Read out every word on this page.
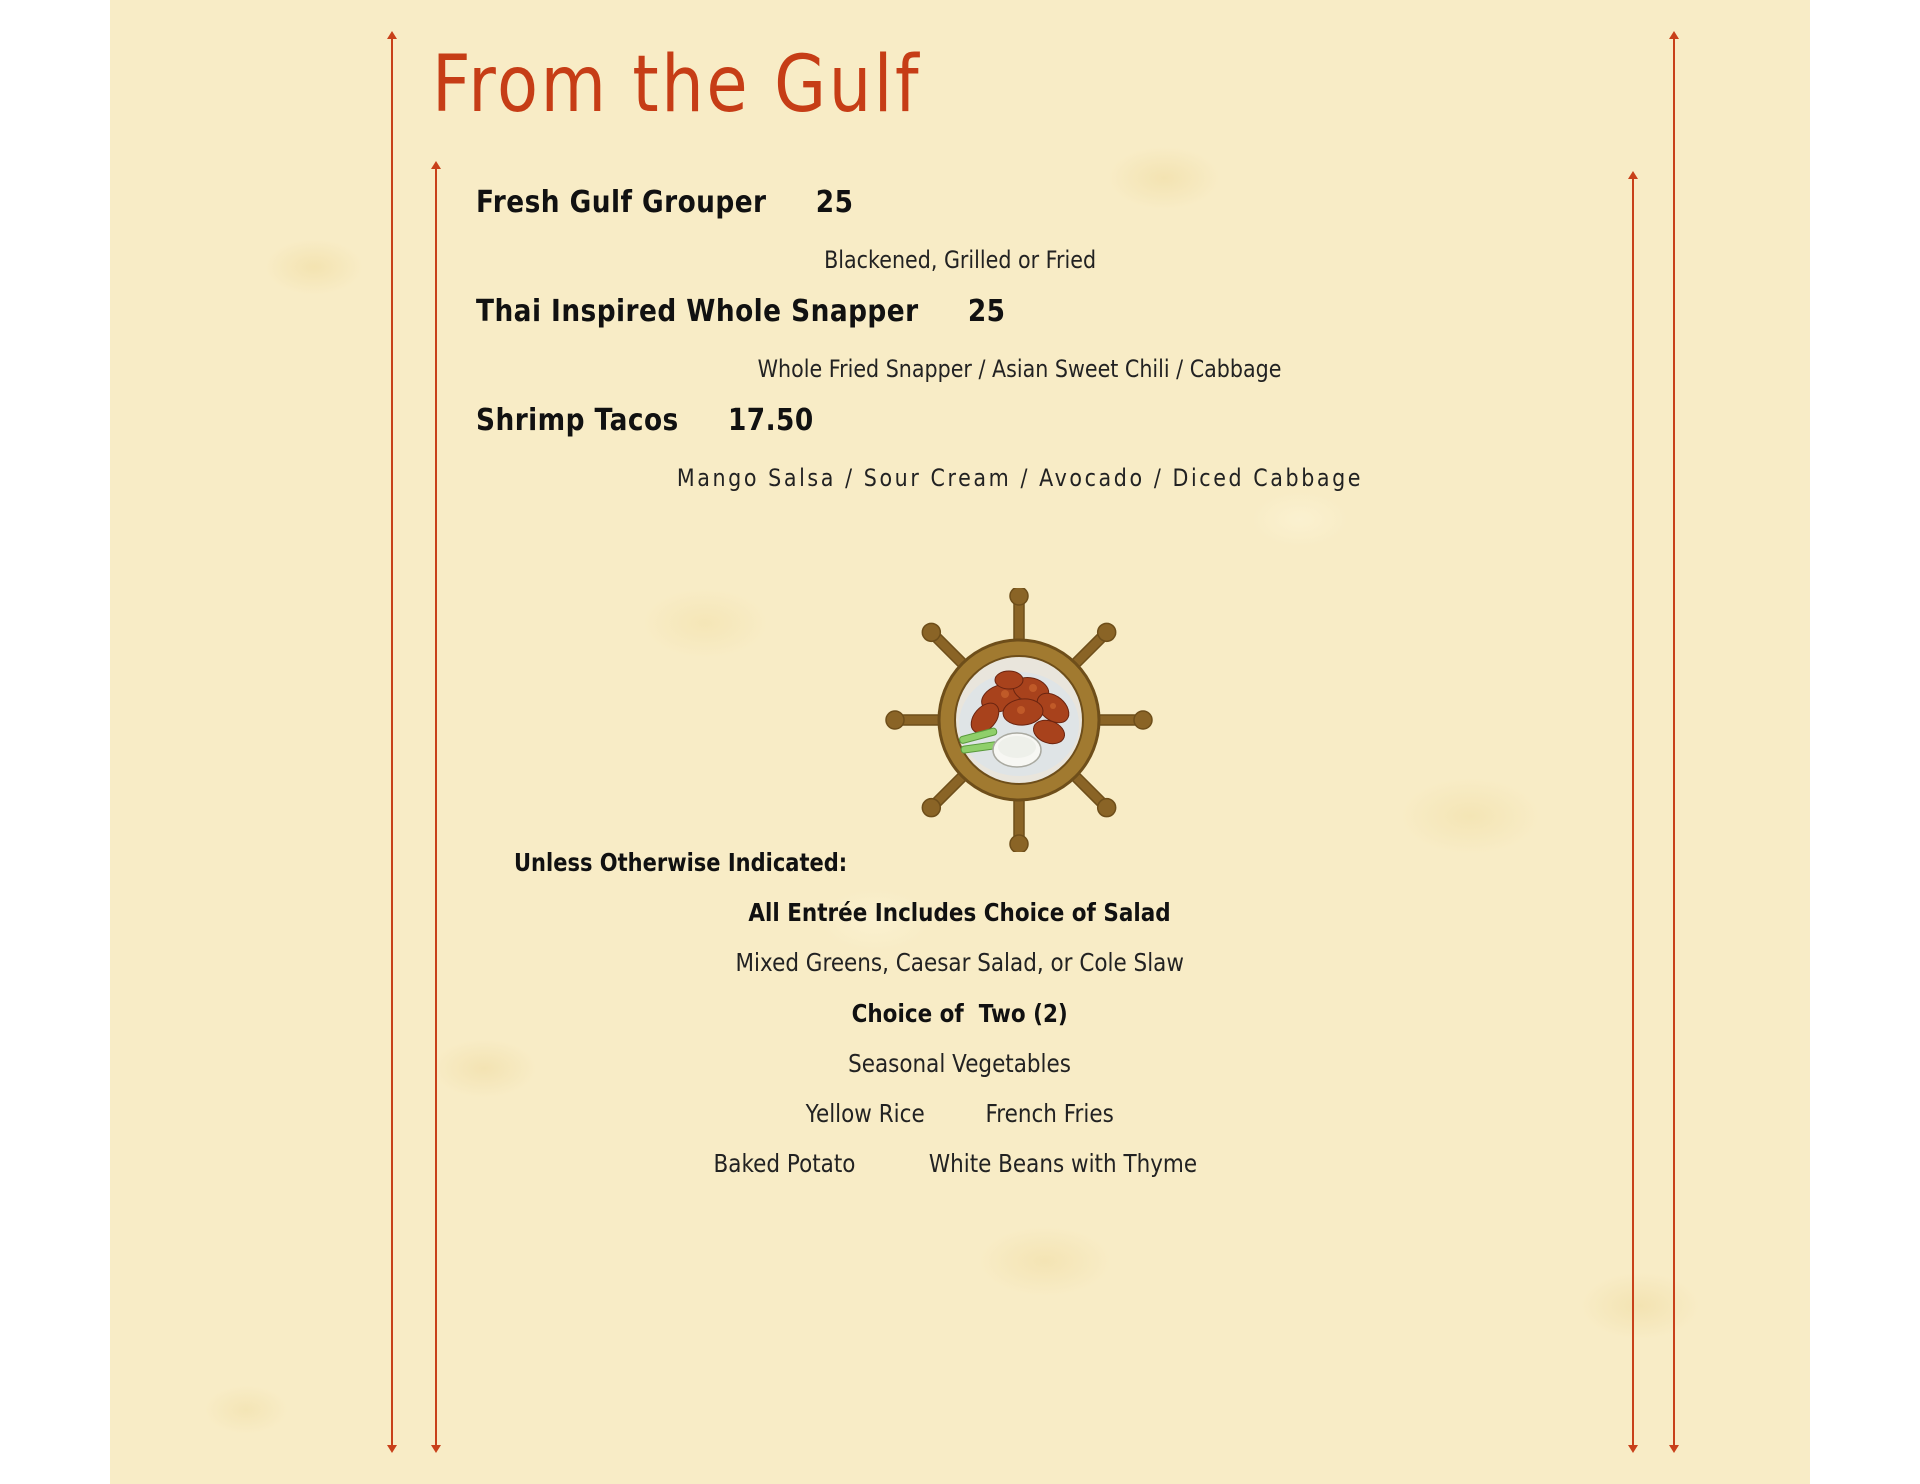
From the Gulf
Fresh Gulf Grouper 25
Blackened, Grilled or Fried
Thai Inspired Whole Snapper 25
Whole Fried Snapper / Asian Sweet Chili / Cabbage
Shrimp Tacos 17.50
Mango Salsa / Sour Cream / Avocado / Diced Cabbage
Unless Otherwise Indicated:
All Entrée Includes Choice of Salad
Mixed Greens, Caesar Salad, or Cole Slaw
Choice of  Two (2)
Seasonal Vegetables
Yellow Rice French Fries
Baked Potato	White Beans with Thyme
